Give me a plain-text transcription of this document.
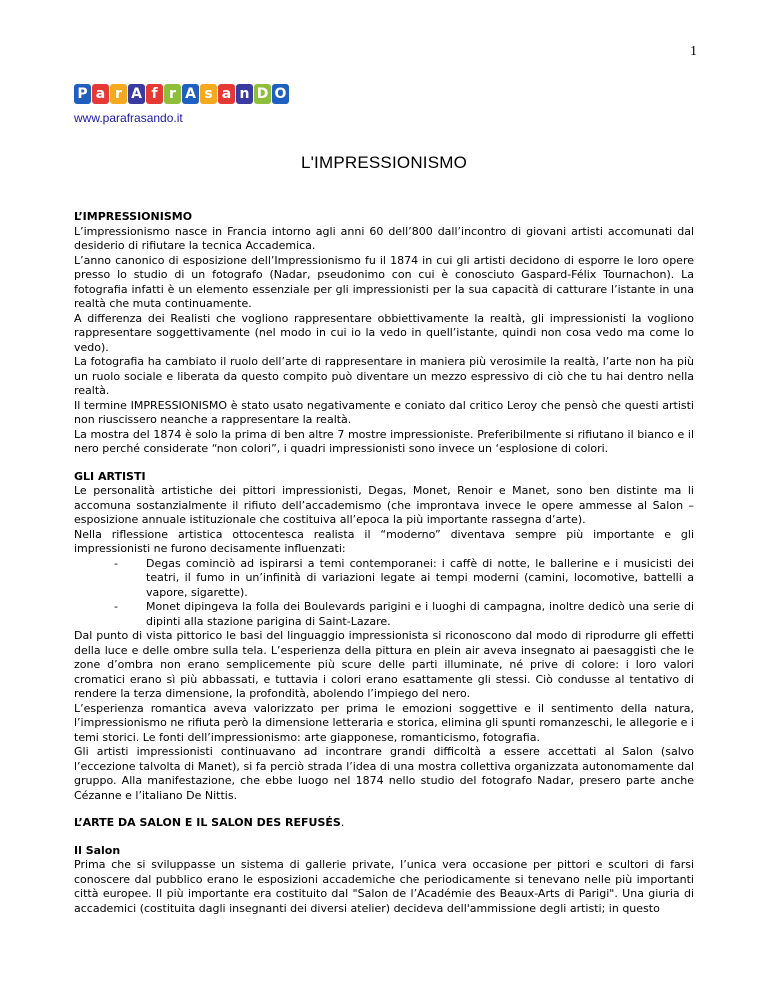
1
P a r A f r A s a n D O
www.parafrasando.it
L'IMPRESSIONISMO
L’IMPRESSIONISMO

L’impressionismo nasce in Francia intorno agli anni 60 dell’800 dall’incontro di giovani artisti accomunati dal desiderio di rifiutare la tecnica Accademica.

L’anno canonico di esposizione dell’Impressionismo fu il 1874 in cui gli artisti decidono di esporre le loro opere presso lo studio di un fotografo (Nadar, pseudonimo con cui è conosciuto Gaspard-Félix Tournachon). La fotografia infatti è un elemento essenziale per gli impressionisti per la sua capacità di catturare l’istante in una realtà che muta continuamente.

A differenza dei Realisti che vogliono rappresentare obbiettivamente la realtà, gli impressionisti la vogliono rappresentare soggettivamente (nel modo in cui io la vedo in quell’istante, quindi non cosa vedo ma come lo vedo).

La fotografia ha cambiato il ruolo dell’arte di rappresentare in maniera più verosimile la realtà, l’arte non ha più un ruolo sociale e liberata da questo compito può diventare un mezzo espressivo di ciò che tu hai dentro nella realtà.

Il termine IMPRESSIONISMO è stato usato negativamente e coniato dal critico Leroy che pensò che questi artisti non riuscissero neanche a rappresentare la realtà.

La mostra del 1874 è solo la prima di ben altre 7 mostre impressioniste. Preferibilmente si rifiutano il bianco e il nero perché considerate “non colori”, i quadri impressionisti sono invece un ‘esplosione di colori.

GLI ARTISTI

Le personalità artistiche dei pittori impressionisti, Degas, Monet, Renoir e Manet, sono ben distinte ma li accomuna sostanzialmente il rifiuto dell’accademismo (che improntava invece le opere ammesse al Salon – esposizione annuale istituzionale che costituiva all’epoca la più importante rassegna d’arte).

Nella riflessione artistica ottocentesca realista il “moderno” diventava sempre più importante e gli impressionisti ne furono decisamente influenzati:

-	Degas cominciò ad ispirarsi a temi contemporanei: i caffè di notte, le ballerine e i musicisti dei teatri, il fumo in un’infinità di variazioni legate ai tempi moderni (camini, locomotive, battelli a vapore, sigarette).
-	Monet dipingeva la folla dei Boulevards parigini e i luoghi di campagna, inoltre dedicò una serie di dipinti alla stazione parigina di Saint-Lazare.

Dal punto di vista pittorico le basi del linguaggio impressionista si riconoscono dal modo di riprodurre gli effetti della luce e delle ombre sulla tela. L’esperienza della pittura en plein air aveva insegnato ai paesaggisti che le zone d’ombra non erano semplicemente più scure delle parti illuminate, né prive di colore: i loro valori cromatici erano sì più abbassati, e tuttavia i colori erano esattamente gli stessi. Ciò condusse al tentativo di rendere la terza dimensione, la profondità, abolendo l’impiego del nero.

L’esperienza romantica aveva valorizzato per prima le emozioni soggettive e il sentimento della natura, l’impressionismo ne rifiuta però la dimensione letteraria e storica, elimina gli spunti romanzeschi, le allegorie e i temi storici. Le fonti dell’impressionismo: arte giapponese, romanticismo, fotografia.

Gli artisti impressionisti continuavano ad incontrare grandi difficoltà a essere accettati al Salon (salvo l’eccezione talvolta di Manet), si fa perciò strada l’idea di una mostra collettiva organizzata autonomamente dal gruppo. Alla manifestazione, che ebbe luogo nel 1874 nello studio del fotografo Nadar, presero parte anche Cézanne e l’italiano De Nittis.

L’ARTE DA SALON E IL SALON DES REFUSÉS.

Il Salon

Prima che si sviluppasse un sistema di gallerie private, l’unica vera occasione per pittori e scultori di farsi conoscere dal pubblico erano le esposizioni accademiche che periodicamente si tenevano nelle più importanti città europee. Il più importante era costituito dal "Salon de l’Académie des Beaux-Arts di Parigi". Una giuria di accademici (costituita dagli insegnanti dei diversi atelier) decideva dell'ammissione degli artisti; in questo
